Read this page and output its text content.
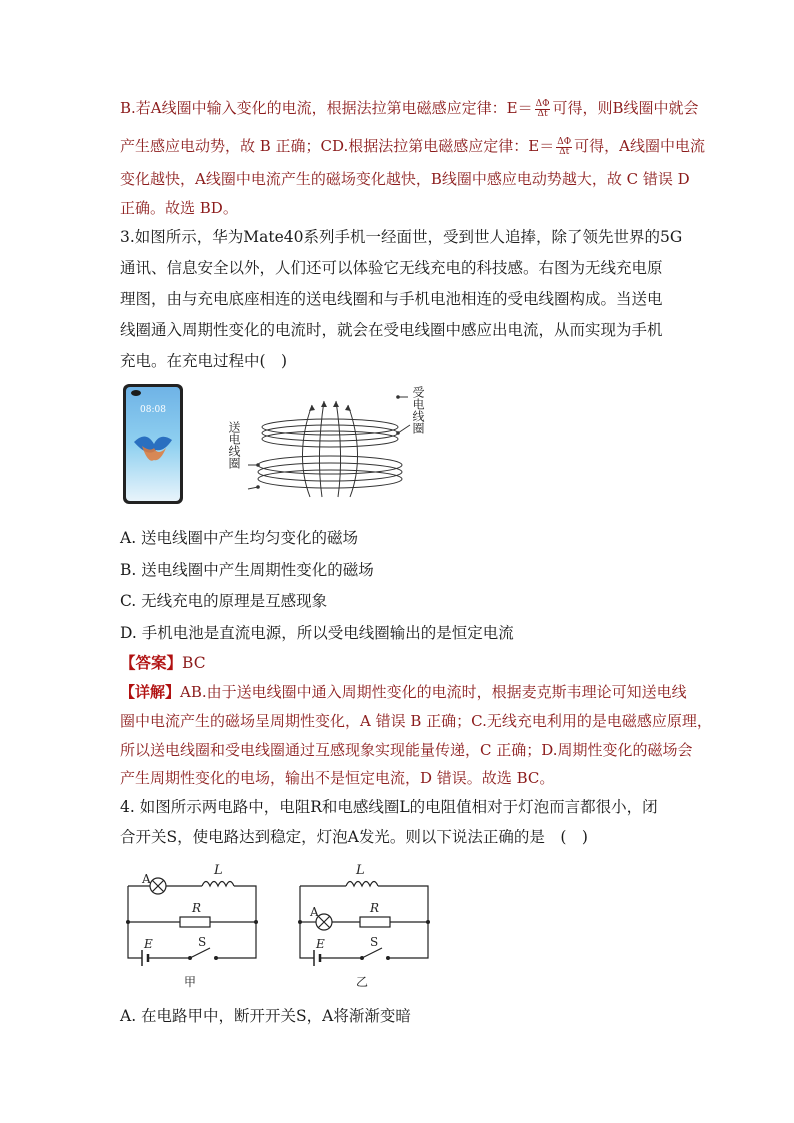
B.若A线圈中输入变化的电流，根据法拉第电磁感应定律：$E= \frac{\Delta\Phi}{\Delta t}$ 可得，则B线圈中就会
产生感应电动势，故 B 正确；CD.根据法拉第电磁感应定律：$E= \frac{\Delta\Phi}{\Delta t}$ 可得，A线圈中电流
变化越快，A线圈中电流产生的磁场变化越快，B线圈中感应电动势越大，故 C 错误 D
正确。故选 BD。
3.如图所示，华为Mate40系列手机一经面世，受到世人追捧，除了领先世界的5G
通讯、信息安全以外，人们还可以体验它无线充电的科技感。右图为无线充电原
理图，由与充电底座相连的送电线圈和与手机电池相连的受电线圈构成。当送电
线圈通入周期性变化的电流时，就会在受电线圈中感应出电流，从而实现为手机
充电。在充电过程中(　)
08:08	受电线圈
送电线圈
A. 送电线圈中产生均匀变化的磁场
B. 送电线圈中产生周期性变化的磁场
C. 无线充电的原理是互感现象
D. 手机电池是直流电源，所以受电线圈输出的是恒定电流
【答案】BC
【详解】AB.由于送电线圈中通入周期性变化的电流时，根据麦克斯韦理论可知送电线
圈中电流产生的磁场呈周期性变化，A 错误 B 正确；C.无线充电利用的是电磁感应原理，
所以送电线圈和受电线圈通过互感现象实现能量传递，C 正确；D.周期性变化的磁场会
产生周期性变化的电场，输出不是恒定电流，D 错误。故选 BC。
4. 如图所示两电路中，电阻R和电感线圈L的电阻值相对于灯泡而言都很小，闭
合开关S，使电路达到稳定，灯泡A发光。则以下说法正确的是　(　)
A
L
R
E	S
甲
L
A	R
E	S
乙
A. 在电路甲中，断开开关S，A将渐渐变暗
